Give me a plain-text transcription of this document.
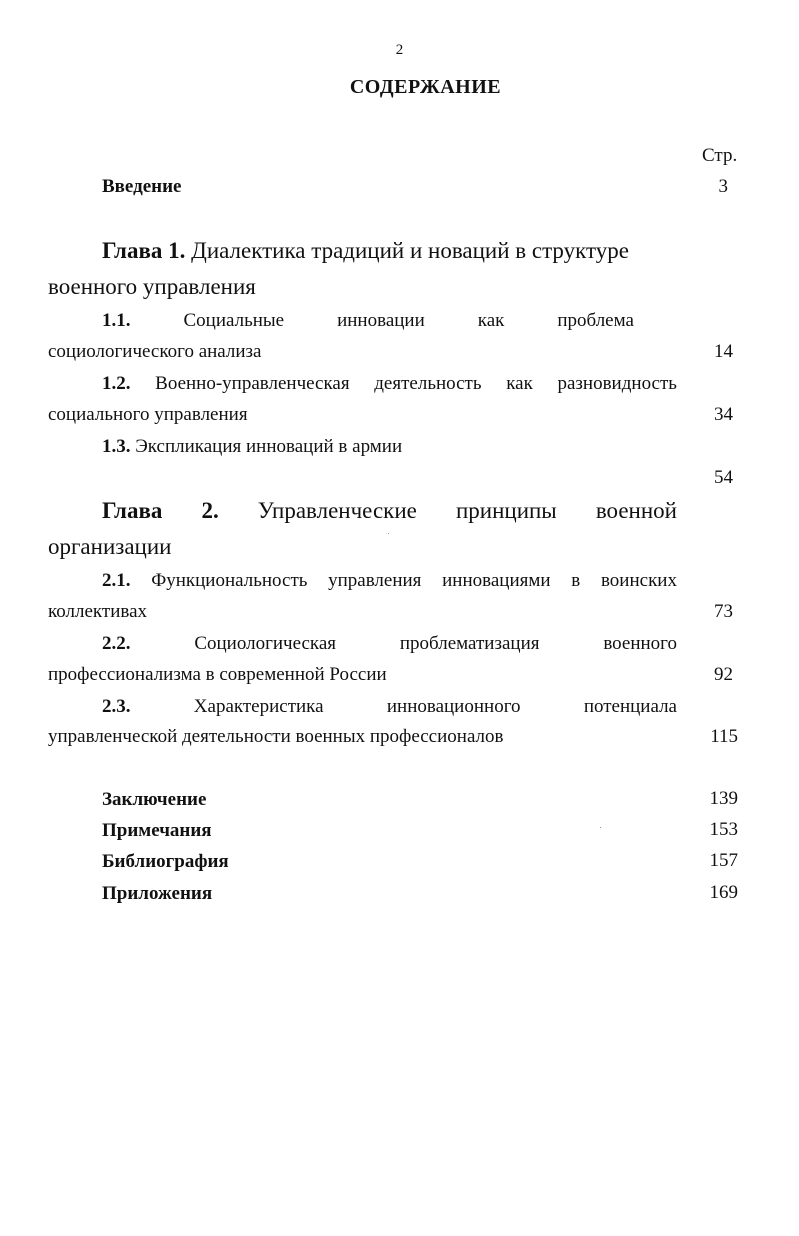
2
СОДЕРЖАНИЕ
Стр.
Введение	3
Глава 1. Диалектика традиций и новаций в структуре
военного управления
1.1.	Социальные	инновации	как	проблема
социологического анализа	14
1.2. Военно-управленческая деятельность как разновидность
социального управления	34
1.3. Экспликация инноваций в армии
54
Глава 2. Управленческие принципы военной
организации
2.1. Функциональность управления инновациями в воинских
коллективах	73
2.2.	Социологическая	проблематизация	военного
профессионализма в современной России	92
2.3.	Характеристика	инновационного	потенциала
управленческой деятельности военных профессионалов	115
Заключение	139
Примечания	153
Библиография	157
Приложения	169
